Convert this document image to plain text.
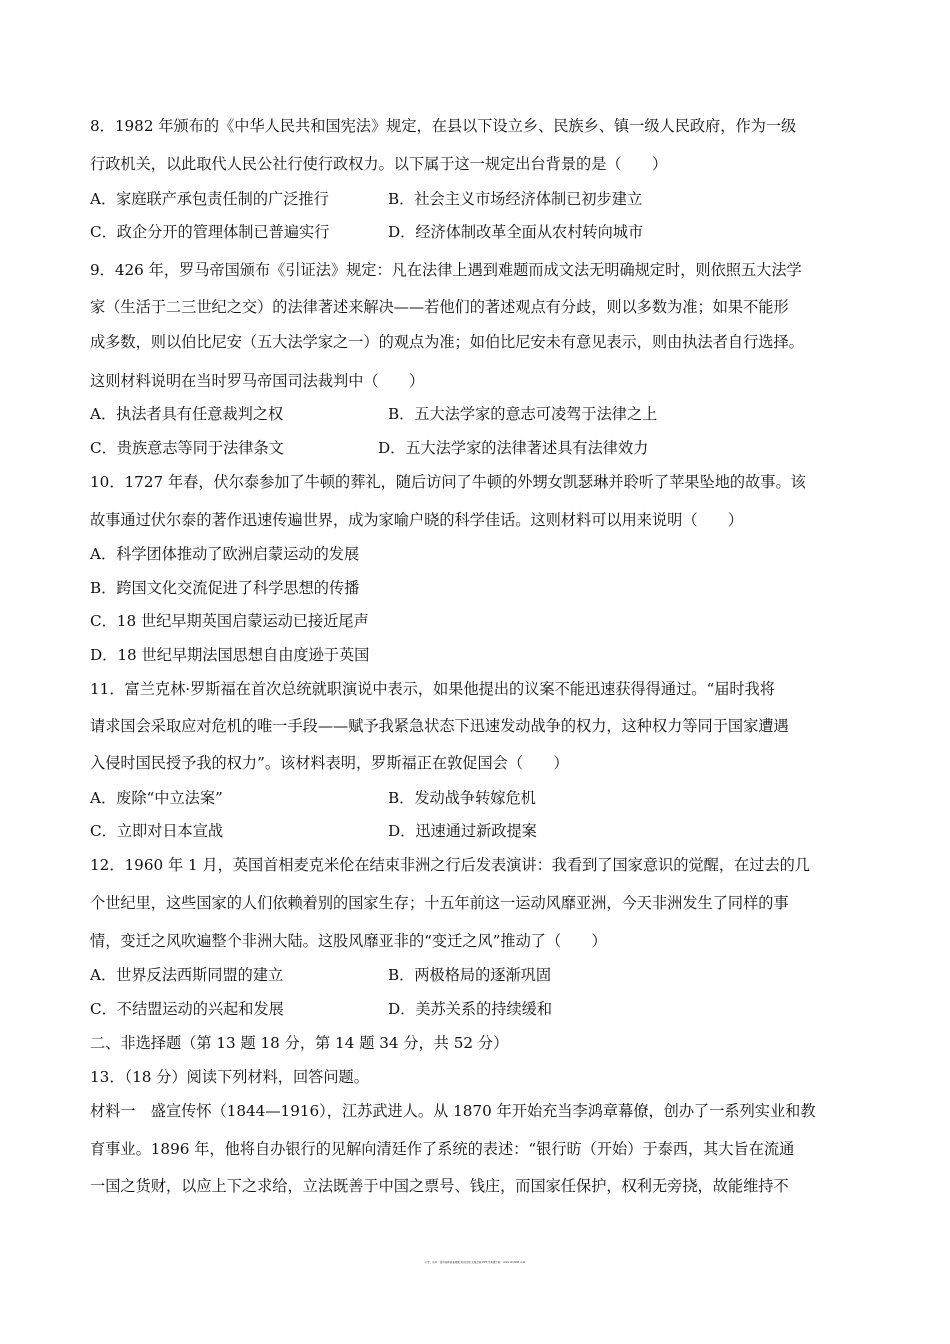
8．1982 年颁布的《中华人民共和国宪法》规定，在县以下设立乡、民族乡、镇一级人民政府，作为一级
行政机关，以此取代人民公社行使行政权力。以下属于这一规定出台背景的是（　　）
A．家庭联产承包责任制的广泛推行	B．社会主义市场经济体制已初步建立
C．政企分开的管理体制已普遍实行	D．经济体制改革全面从农村转向城市
9．426 年，罗马帝国颁布《引证法》规定：凡在法律上遇到难题而成文法无明确规定时，则依照五大法学
家（生活于二三世纪之交）的法律著述来解决——若他们的著述观点有分歧，则以多数为准；如果不能形
成多数，则以伯比尼安（五大法学家之一）的观点为准；如伯比尼安未有意见表示，则由执法者自行选择。
这则材料说明在当时罗马帝国司法裁判中（　　）
A．执法者具有任意裁判之权	B．五大法学家的意志可凌驾于法律之上
C．贵族意志等同于法律条文	D．五大法学家的法律著述具有法律效力
10．1727 年春，伏尔泰参加了牛顿的葬礼，随后访问了牛顿的外甥女凯瑟琳并聆听了苹果坠地的故事。该
故事通过伏尔泰的著作迅速传遍世界，成为家喻户晓的科学佳话。这则材料可以用来说明（　　）
A．科学团体推动了欧洲启蒙运动的发展
B．跨国文化交流促进了科学思想的传播
C．18 世纪早期英国启蒙运动已接近尾声
D．18 世纪早期法国思想自由度逊于英国
11．富兰克林·罗斯福在首次总统就职演说中表示，如果他提出的议案不能迅速获得得通过。“届时我将
请求国会采取应对危机的唯一手段——赋予我紧急状态下迅速发动战争的权力，这种权力等同于国家遭遇
入侵时国民授予我的权力”。该材料表明，罗斯福正在敦促国会（　　）
A．废除“中立法案”	B．发动战争转嫁危机
C．立即对日本宣战	D．迅速通过新政提案
12．1960 年 1 月，英国首相麦克米伦在结束非洲之行后发表演讲：我看到了国家意识的觉醒，在过去的几
个世纪里，这些国家的人们依赖着别的国家生存；十五年前这一运动风靡亚洲，今天非洲发生了同样的事
情，变迁之风吹遍整个非洲大陆。这股风靡亚非的“变迁之风”推动了（　　）
A．世界反法西斯同盟的建立	B．两极格局的逐渐巩固
C．不结盟运动的兴起和发展	D．美苏关系的持续缓和
二、非选择题（第 13 题 18 分，第 14 题 34 分，共 52 分）
13．（18 分）阅读下列材料，回答问题。
材料一　盛宣传怀（1844—1916），江苏武进人。从 1870 年开始充当李鸿章幕僚，创办了一系列实业和教
育事业。1896 年，他将自办银行的见解向清廷作了系统的表述：“银行昉（开始）于泰西，其大旨在流通
一国之货财，以应上下之求给，立法既善于中国之票号、钱庄，而国家任保护，权利无旁挠，故能维持不
小学、初中、高中各种试卷真题 知识归纳 文案合同 PPT 等免费下载　www.doc985.com
